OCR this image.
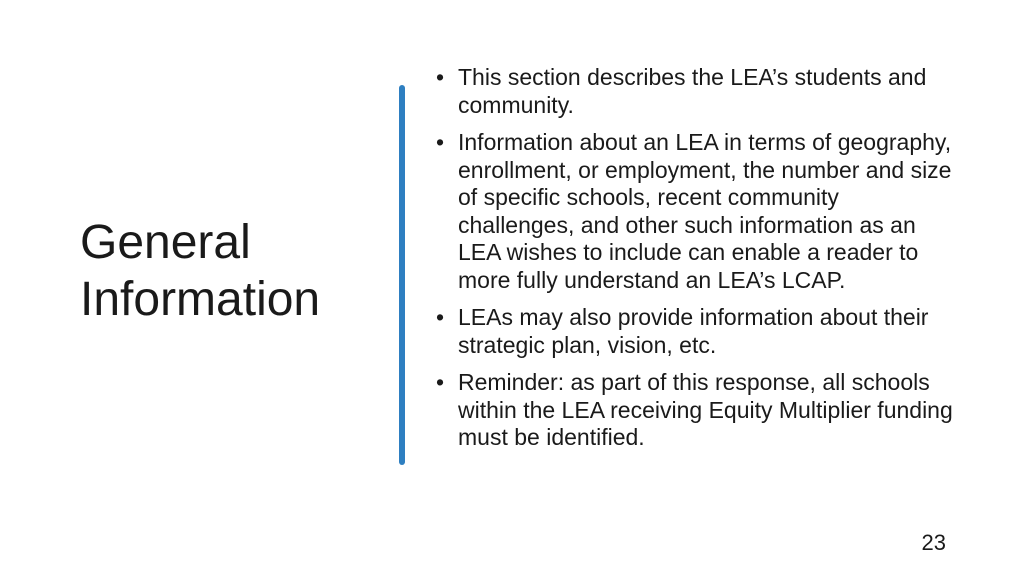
General Information
• This section describes the LEA’s students and community.
• Information about an LEA in terms of geography, enrollment, or employment, the number and size of specific schools, recent community challenges, and other such information as an LEA wishes to include can enable a reader to more fully understand an LEA’s LCAP.
• LEAs may also provide information about their strategic plan, vision, etc.
• Reminder: as part of this response, all schools within the LEA receiving Equity Multiplier funding must be identified.
23
